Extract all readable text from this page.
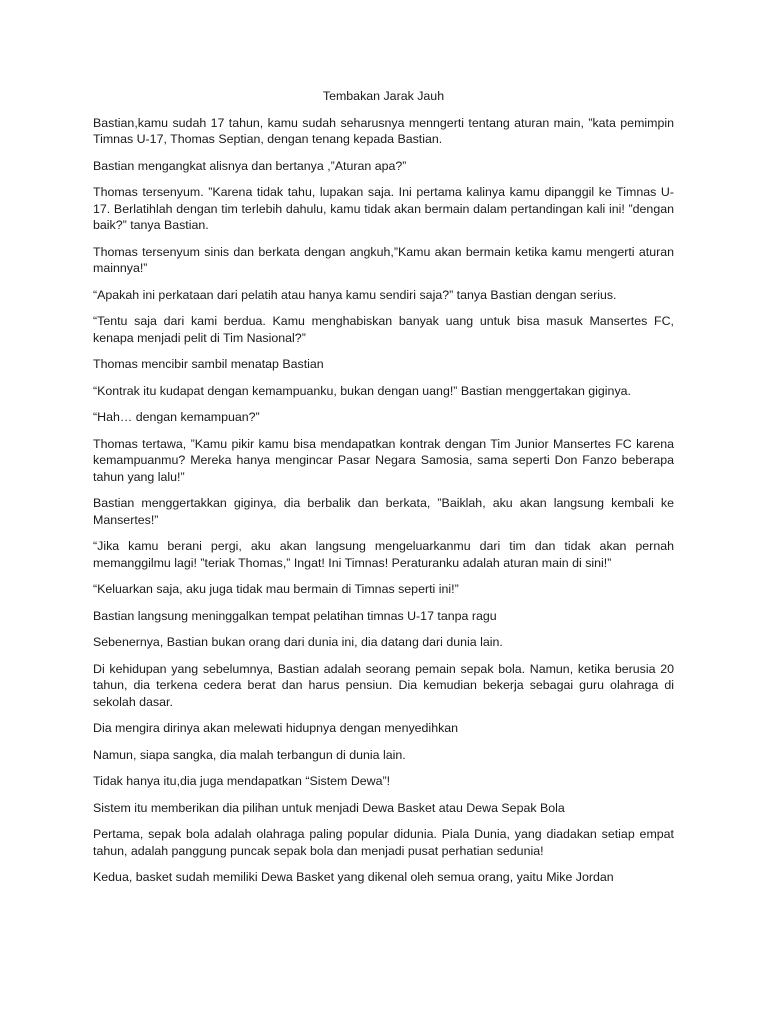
Tembakan Jarak Jauh

Bastian,kamu sudah 17 tahun, kamu sudah seharusnya menngerti tentang aturan main, ”kata pemimpin Timnas U-17, Thomas Septian, dengan tenang kepada Bastian.

Bastian mengangkat alisnya dan bertanya ,”Aturan apa?”

Thomas tersenyum. ”Karena tidak tahu, lupakan saja. Ini pertama kalinya kamu dipanggil ke Timnas U-17. Berlatihlah dengan tim terlebih dahulu, kamu tidak akan bermain dalam pertandingan kali ini! ”dengan baik?” tanya Bastian.

Thomas tersenyum sinis dan berkata dengan angkuh,”Kamu akan bermain ketika kamu mengerti aturan mainnya!”

“Apakah ini perkataan dari pelatih atau hanya kamu sendiri saja?” tanya Bastian dengan serius.

“Tentu saja dari kami berdua. Kamu menghabiskan banyak uang untuk bisa masuk Mansertes FC, kenapa menjadi pelit di Tim Nasional?”

Thomas mencibir sambil menatap Bastian

“Kontrak itu kudapat dengan kemampuanku, bukan dengan uang!” Bastian menggertakan giginya.

“Hah… dengan kemampuan?”

Thomas tertawa, ”Kamu pikir kamu bisa mendapatkan kontrak dengan Tim Junior Mansertes FC karena kemampuanmu? Mereka hanya mengincar Pasar Negara Samosia, sama seperti Don Fanzo beberapa tahun yang lalu!”

Bastian menggertakkan giginya, dia berbalik dan berkata, ”Baiklah, aku akan langsung kembali ke Mansertes!”

“Jika kamu berani pergi, aku akan langsung mengeluarkanmu dari tim dan tidak akan pernah memanggilmu lagi! ”teriak Thomas,” Ingat! Ini Timnas! Peraturanku adalah aturan main di sini!”

“Keluarkan saja, aku juga tidak mau bermain di Timnas seperti ini!”

Bastian langsung meninggalkan tempat pelatihan timnas U-17 tanpa ragu

Sebenernya, Bastian bukan orang dari dunia ini, dia datang dari dunia lain.

Di kehidupan yang sebelumnya, Bastian adalah seorang pemain sepak bola. Namun, ketika berusia 20 tahun, dia terkena cedera berat dan harus pensiun. Dia kemudian bekerja sebagai guru olahraga di sekolah dasar.

Dia mengira dirinya akan melewati hidupnya dengan menyedihkan

Namun, siapa sangka, dia malah terbangun di dunia lain.

Tidak hanya itu,dia juga mendapatkan “Sistem Dewa”!

Sistem itu memberikan dia pilihan untuk menjadi Dewa Basket atau Dewa Sepak Bola

Pertama, sepak bola adalah olahraga paling popular didunia. Piala Dunia, yang diadakan setiap empat tahun, adalah panggung puncak sepak bola dan menjadi pusat perhatian sedunia!

Kedua, basket sudah memiliki Dewa Basket yang dikenal oleh semua orang, yaitu Mike Jordan
